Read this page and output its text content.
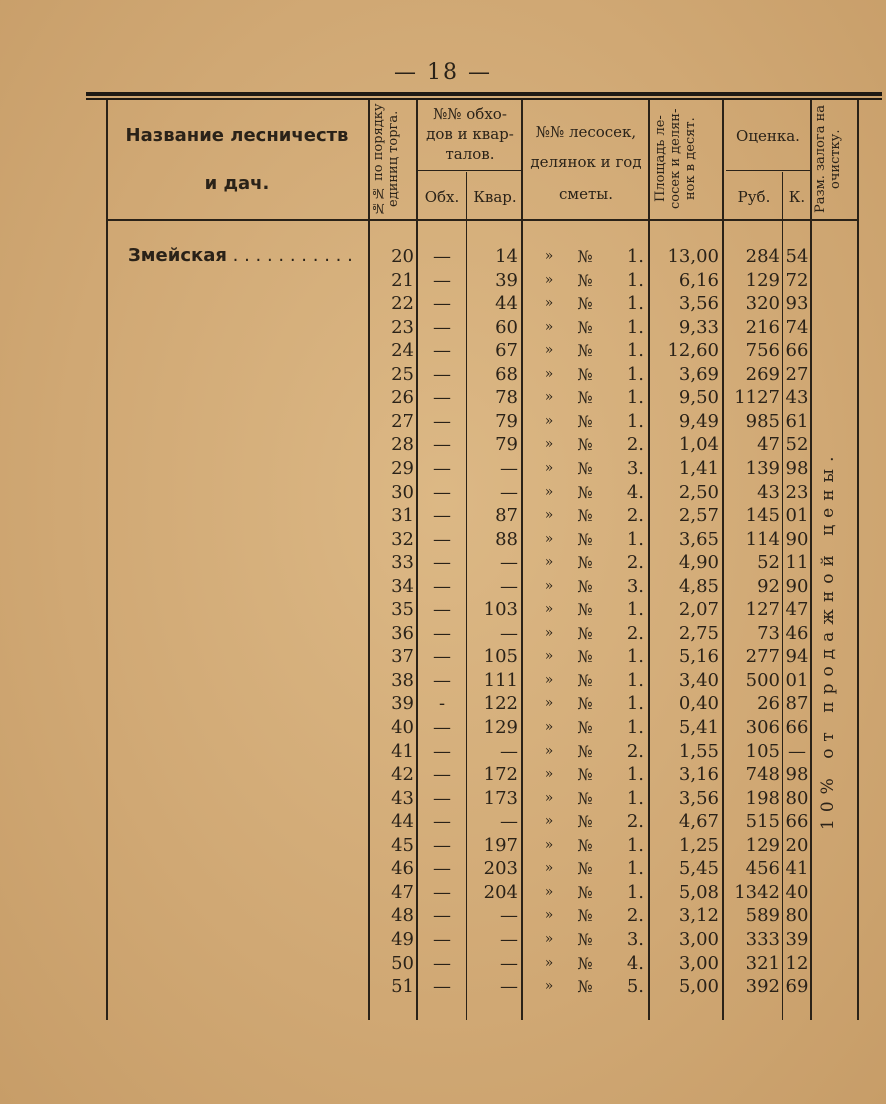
— 18 —
Название лесничеств
и дач.	№№ по порядку единиц торга.	№№ обхо-
дов и квар-
талов.
Обх. Квар.
№№ лесосек,
делянок и год
сметы.	Площадь ле-сосек и делян-нок в десят.	Оценка.
Руб.	К. Разм. залога на очистку.
Змейская . . . . . . . . . . .	20	—	14	»	№	1.	13,00	284 54
21	—	39	»	№	1.	6,16	129 72
22	—	44	»	№	1.	3,56	320 93
23	—	60	»	№	1.	9,33	216 74
24	—	67	»	№	1.	12,60	756 66
25	—	68	»	№	1.	3,69	269 27
26	—	78	»	№	1.	9,50 1127 43
27	—	79	»	№	1.	9,49	985 61
28	—	79	»	№	2.	1,04	47 52
29	—	—	»	№	3.	1,41	139 98
30	—	—	»	№	4.	2,50	43 23
31	—	87	»	№	2.	2,57	145 01
32	—	88	»	№	1.	3,65	114 90
33	—	—	»	№	2.	4,90	52 11
34	—	—	»	№	3.	4,85	92 90
35	—	103	»	№	1.	2,07	127 47
36	—	—	»	№	2.	2,75	73 46
37	—	105	»	№	1.	5,16	277 94
38	—	111	»	№	1.	3,40	500 01
39	-	122	»	№	1.	0,40	26 87
40	—	129	»	№	1.	5,41	306 66
41	—	—	»	№	2.	1,55	105 —
42	—	172	»	№	1.	3,16	748 98
43	—	173	»	№	1.	3,56	198 80
44	—	—	»	№	2.	4,67	515 66
45	—	197	»	№	1.	1,25	129 20
46	—	203	»	№	1.	5,45	456 41
47	—	204	»	№	1.	5,08 1342 40
48	—	—	»	№	2.	3,12	589 80
49	—	—	»	№	3.	3,00	333 39
50	—	—	»	№	4.	3,00	321 12
51	—	—	»	№	5.	5,00	392 69
10% от продажной цены.
